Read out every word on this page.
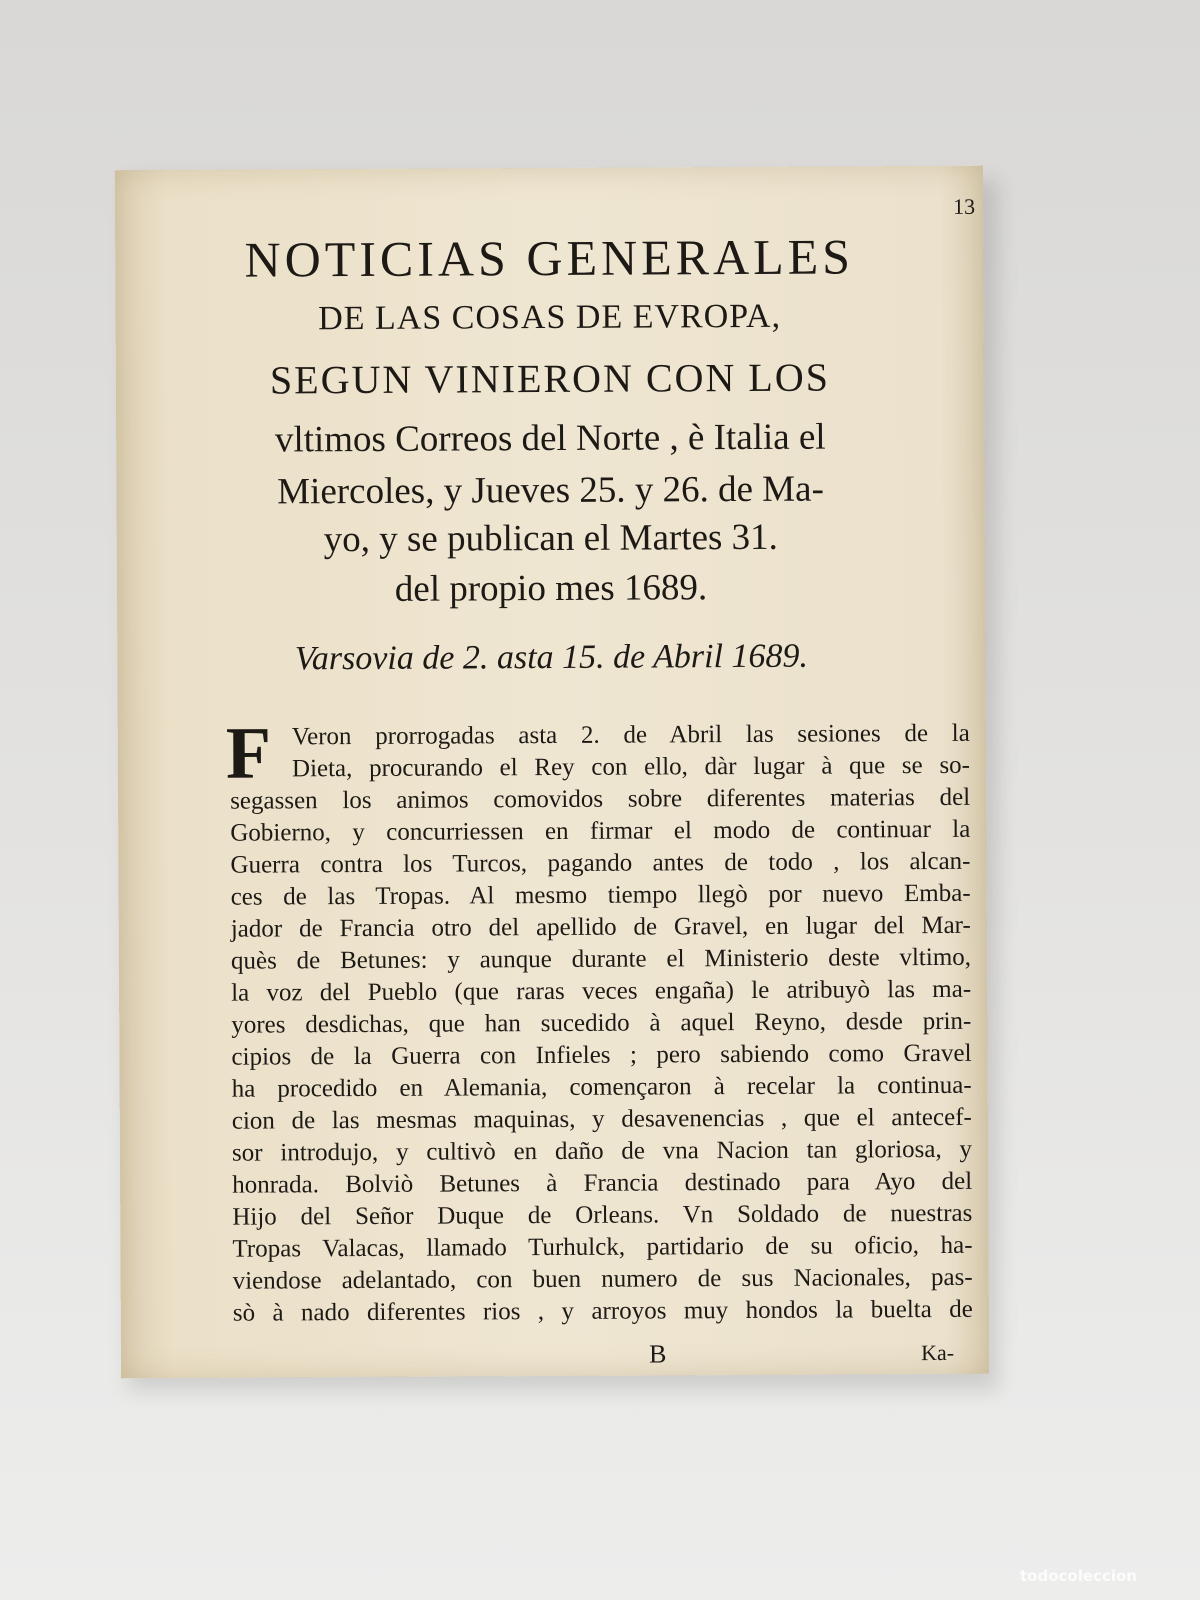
13
NOTICIAS GENERALES
DE LAS COSAS DE EVROPA,
SEGUN VINIERON CON LOS
vltimos Correos del Norte , è Italia el
Miercoles, y Jueves 25. y 26. de Ma-
yo, y se publican el Martes 31.
del propio mes 1689.
Varsovia de 2. asta 15. de Abril 1689.
F Veron prorrogadas asta 2. de Abril las sesiones de la
Dieta, procurando el Rey con ello, dàr lugar à que se so-
segassen los animos comovidos sobre diferentes materias del
Gobierno, y concurriessen en firmar el modo de continuar la
Guerra contra los Turcos, pagando antes de todo , los alcan-
ces de las Tropas. Al mesmo tiempo llegò por nuevo Emba-
jador de Francia otro del apellido de Gravel, en lugar del Mar-
quès de Betunes: y aunque durante el Ministerio deste vltimo,
la voz del Pueblo (que raras veces engaña) le atribuyò las ma-
yores desdichas, que han sucedido à aquel Reyno, desde prin-
cipios de la Guerra con Infieles ; pero sabiendo como Gravel
ha procedido en Alemania, començaron à recelar la continua-
cion de las mesmas maquinas, y desavenencias , que el antecef-
sor introdujo, y cultivò en daño de vna Nacion tan gloriosa, y
honrada. Bolviò Betunes à Francia destinado para Ayo del
Hijo del Señor Duque de Orleans. Vn Soldado de nuestras
Tropas Valacas, llamado Turhulck, partidario de su oficio, ha-
viendose adelantado, con buen numero de sus Nacionales, pas-
sò à nado diferentes rios , y arroyos muy hondos la buelta de
B	Ka-
todocoleccion
